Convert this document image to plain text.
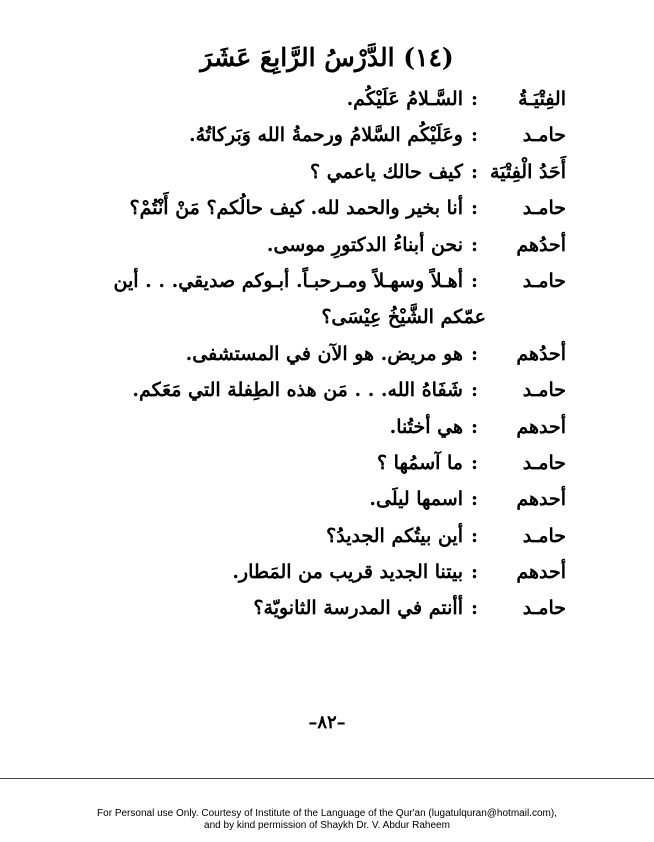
(١٤) الدَّرْسُ الرَّابِعَ عَشَرَ
الفِتْيَـةُ
:
السَّـلامُ عَلَيْكُم.
حامـد
:
وعَلَيْكُم السَّلامُ ورحمةُ الله وَبَركاتُهُ.
أَحَدُ الْفِتْيَة
:
كيف حالك ياعمي ؟
حامـد
:
أنا بخير والحمد لله. كيف حالُكم؟ مَنْ أَنْتُمْ؟
أحدُهم
:
نحن أبناءُ الدكتورِ موسى.
حامـد
:
أهـلاً وسهـلاً ومـرحبـاً. أبـوكم صديقي. . . أين
عمّكم الشَّيْخُ عِيْسَى؟
أحدُهم
:
هو مريض. هو الآن في المستشفى.
حامـد
:
شَفَاهُ الله. . . مَن هذه الطِفلة التي مَعَكم.
أحدهم
:
هي أختُنا.
حامـد
:
ما آسمُها ؟
أحدهم
:
اسمها ليلَى.
حامـد
:
أين بيتُكم الجديدُ؟
أحدهم
:
بيتنا الجديد قريب من المَطار.
حامـد
:
أأنتم في المدرسة الثانويّة؟
–٨٢–
For Personal use Only. Courtesy of Institute of the Language of the Qur'an (lugatulquran@hotmail.com),
and by kind permission of Shaykh Dr. V. Abdur Raheem
